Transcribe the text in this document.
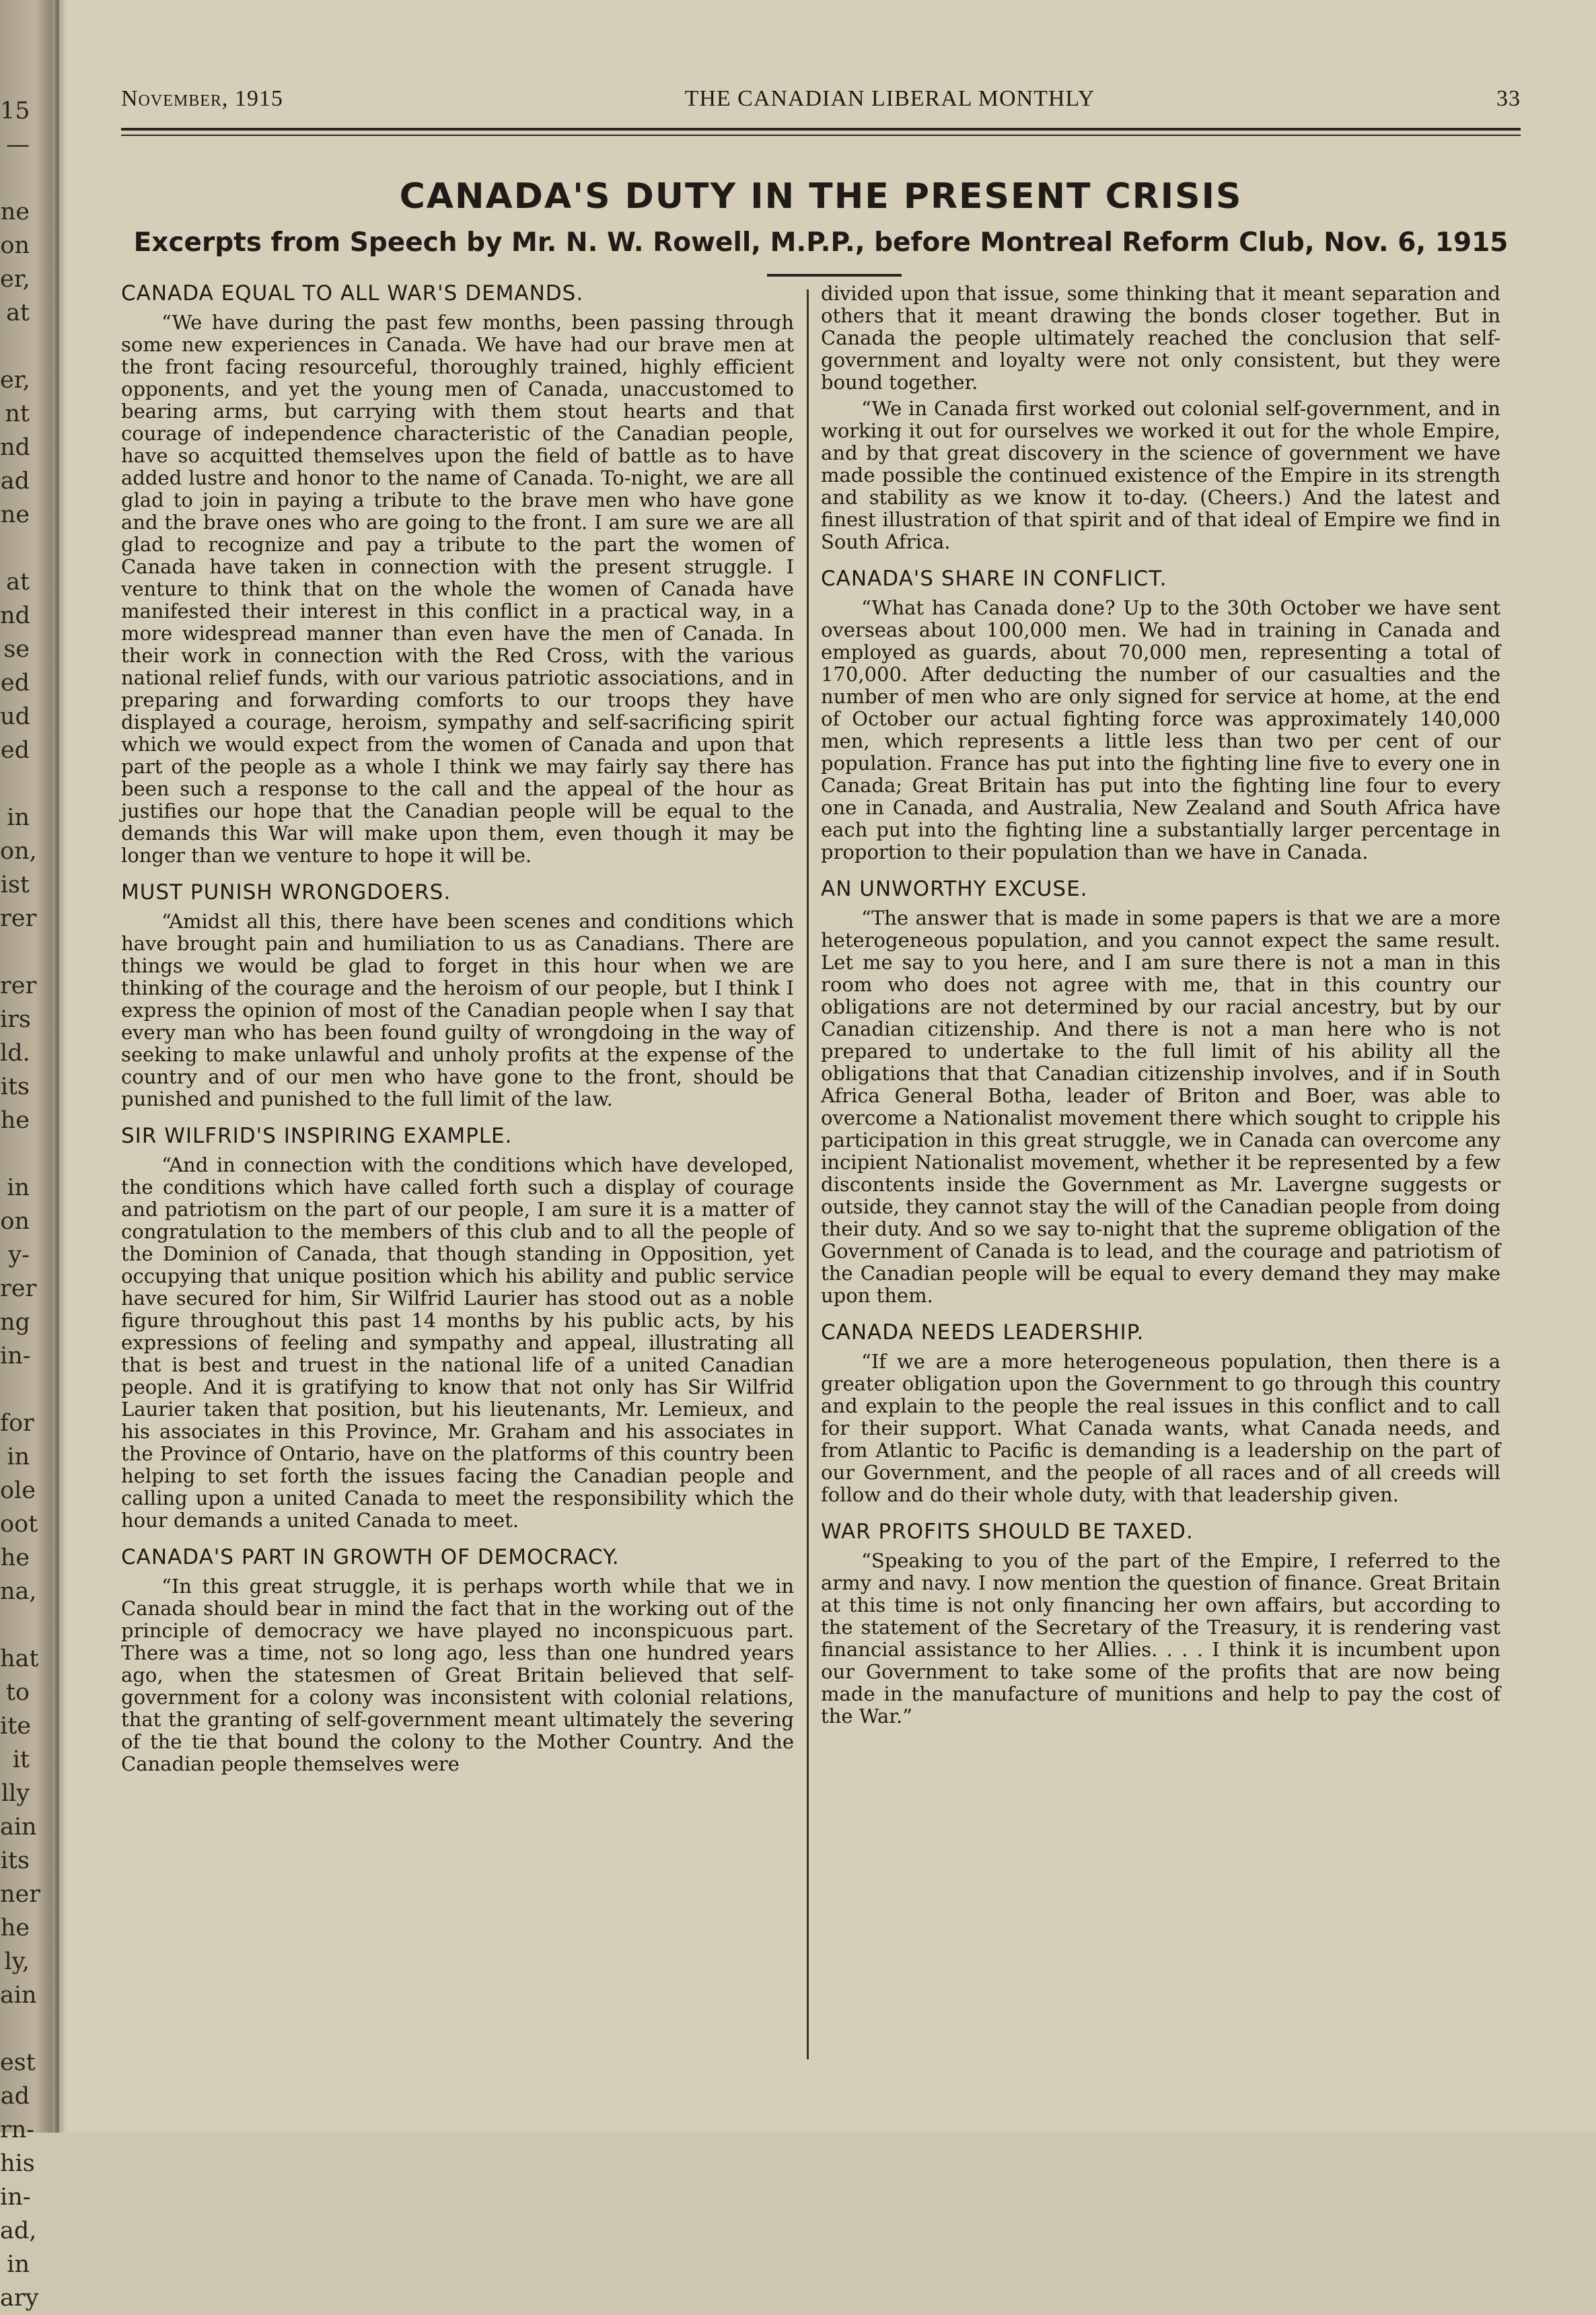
15
—
ne
on
er,
at
er,
nt
nd
ad
ne
at
nd
se
ed
ud
ed
in
on,
ist
rer
rer
irs
ld.
its
he
in
on
y-
rer
ng
in-
for
in
ole
oot
he
na,
hat
to
ite
it
lly
ain
its
ner
he
ly,
ain
est
ad
rn-
his
in-
ad,
in
ary
November, 1915	THE CANADIAN LIBERAL MONTHLY	33
CANADA'S DUTY IN THE PRESENT CRISIS
Excerpts from Speech by Mr. N. W. Rowell, M.P.P., before Montreal Reform Club, Nov. 6, 1915
CANADA EQUAL TO ALL WAR'S DEMANDS.

“We have during the past few months, been passing through some new experiences in Canada. We have had our brave men at the front facing resourceful, thoroughly trained, highly efficient opponents, and yet the young men of Canada, unaccustomed to bearing arms, but carrying with them stout hearts and that courage of independence characteristic of the Canadian people, have so acquitted themselves upon the field of battle as to have added lustre and honor to the name of Canada. To-night, we are all glad to join in paying a tribute to the brave men who have gone and the brave ones who are going to the front. I am sure we are all glad to recognize and pay a tribute to the part the women of Canada have taken in connection with the present struggle. I venture to think that on the whole the women of Canada have manifested their interest in this conflict in a practical way, in a more widespread manner than even have the men of Canada. In their work in connection with the Red Cross, with the various national relief funds, with our various patriotic associations, and in preparing and forwarding comforts to our troops they have displayed a courage, heroism, sympathy and self-sacrificing spirit which we would expect from the women of Canada and upon that part of the people as a whole I think we may fairly say there has been such a response to the call and the appeal of the hour as justifies our hope that the Canadian people will be equal to the demands this War will make upon them, even though it may be longer than we venture to hope it will be.

MUST PUNISH WRONGDOERS.

“Amidst all this, there have been scenes and conditions which have brought pain and humiliation to us as Canadians. There are things we would be glad to forget in this hour when we are thinking of the courage and the heroism of our people, but I think I express the opinion of most of the Canadian people when I say that every man who has been found guilty of wrongdoing in the way of seeking to make unlawful and unholy profits at the expense of the country and of our men who have gone to the front, should be punished and punished to the full limit of the law.

SIR WILFRID'S INSPIRING EXAMPLE.

“And in connection with the conditions which have developed, the conditions which have called forth such a display of courage and patriotism on the part of our people, I am sure it is a matter of congratulation to the members of this club and to all the people of the Dominion of Canada, that though standing in Opposition, yet occupying that unique position which his ability and public service have secured for him, Sir Wilfrid Laurier has stood out as a noble figure throughout this past 14 months by his public acts, by his expressions of feeling and sympathy and appeal, illustrating all that is best and truest in the national life of a united Canadian people. And it is gratifying to know that not only has Sir Wilfrid Laurier taken that position, but his lieutenants, Mr. Lemieux, and his associates in this Province, Mr. Graham and his associates in the Province of Ontario, have on the platforms of this country been helping to set forth the issues facing the Canadian people and calling upon a united Canada to meet the responsibility which the hour demands a united Canada to meet.

CANADA'S PART IN GROWTH OF DEMOCRACY.

“In this great struggle, it is perhaps worth while that we in Canada should bear in mind the fact that in the working out of the principle of democracy we have played no inconspicuous part. There was a time, not so long ago, less than one hundred years ago, when the statesmen of Great Britain believed that self-government for a colony was inconsistent with colonial relations, that the granting of self-government meant ultimately the severing of the tie that bound the colony to the Mother Country. And the Canadian people themselves were

divided upon that issue, some thinking that it meant separation and others that it meant drawing the bonds closer together. But in Canada the people ultimately reached the conclusion that self-government and loyalty were not only consistent, but they were bound together.

“We in Canada first worked out colonial self-government, and in working it out for ourselves we worked it out for the whole Empire, and by that great discovery in the science of government we have made possible the continued existence of the Empire in its strength and stability as we know it to-day. (Cheers.) And the latest and finest illustration of that spirit and of that ideal of Empire we find in South Africa.

CANADA'S SHARE IN CONFLICT.

“What has Canada done? Up to the 30th October we have sent overseas about 100,000 men. We had in training in Canada and employed as guards, about 70,000 men, representing a total of 170,000. After deducting the number of our casualties and the number of men who are only signed for service at home, at the end of October our actual fighting force was approximately 140,000 men, which represents a little less than two per cent of our population. France has put into the fighting line five to every one in Canada; Great Britain has put into the fighting line four to every one in Canada, and Australia, New Zealand and South Africa have each put into the fighting line a substantially larger percentage in proportion to their population than we have in Canada.

AN UNWORTHY EXCUSE.

“The answer that is made in some papers is that we are a more heterogeneous population, and you cannot expect the same result. Let me say to you here, and I am sure there is not a man in this room who does not agree with me, that in this country our obligations are not determined by our racial ancestry, but by our Canadian citizenship. And there is not a man here who is not prepared to undertake to the full limit of his ability all the obligations that that Canadian citizenship involves, and if in South Africa General Botha, leader of Briton and Boer, was able to overcome a Nationalist movement there which sought to cripple his participation in this great struggle, we in Canada can overcome any incipient Nationalist movement, whether it be represented by a few discontents inside the Government as Mr. Lavergne suggests or outside, they cannot stay the will of the Canadian people from doing their duty. And so we say to-night that the supreme obligation of the Government of Canada is to lead, and the courage and patriotism of the Canadian people will be equal to every demand they may make upon them.

CANADA NEEDS LEADERSHIP.

“If we are a more heterogeneous population, then there is a greater obligation upon the Government to go through this country and explain to the people the real issues in this conflict and to call for their support. What Canada wants, what Canada needs, and from Atlantic to Pacific is demanding is a leadership on the part of our Government, and the people of all races and of all creeds will follow and do their whole duty, with that leadership given.

WAR PROFITS SHOULD BE TAXED.

“Speaking to you of the part of the Empire, I referred to the army and navy. I now mention the question of finance. Great Britain at this time is not only financing her own affairs, but according to the statement of the Secretary of the Treasury, it is rendering vast financial assistance to her Allies. . . . I think it is incumbent upon our Government to take some of the profits that are now being made in the manufacture of munitions and help to pay the cost of the War.”
